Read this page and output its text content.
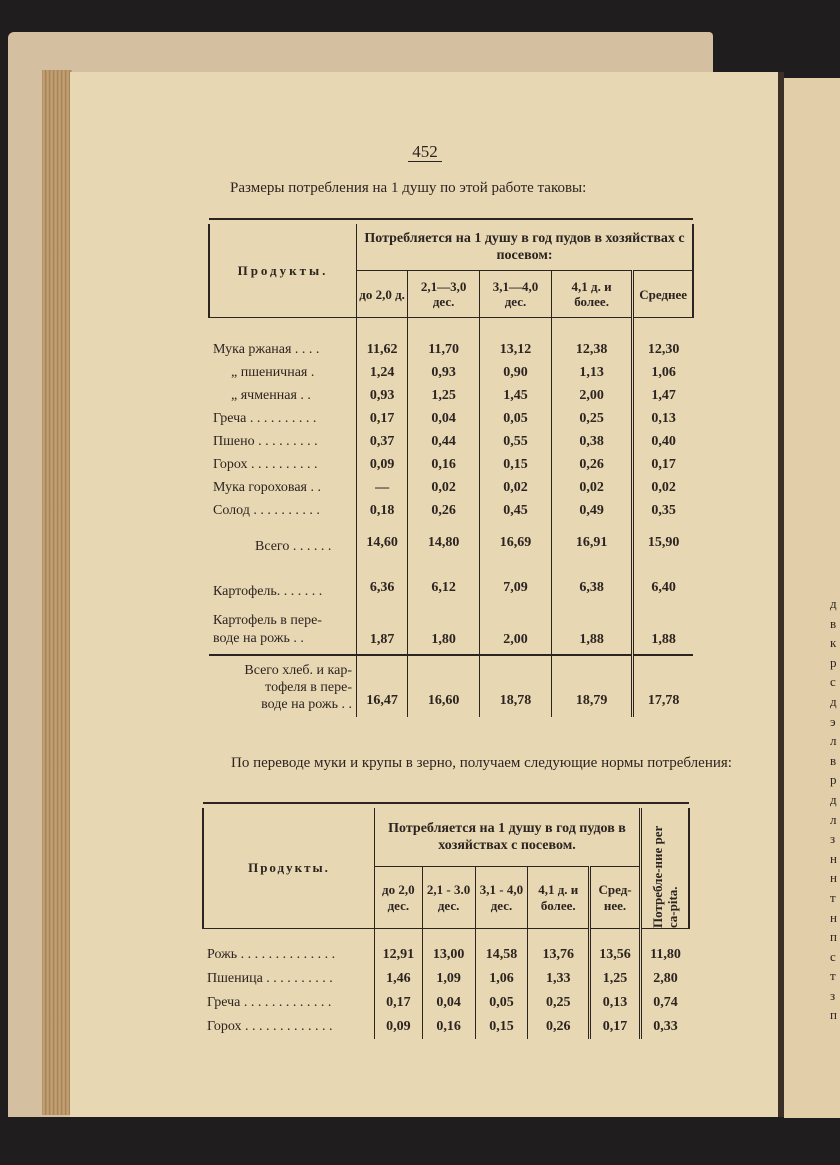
452
Размеры потребления на 1 душу по этой работе таковы:

Продукты.	Потребляется на 1 душу в год пудов в хозяйствах с посевом:				
	до 2,0 д.	2,1—3,0 дес.	3,1—4,0 дес.	4,1 д. и более.	Среднее

Мука ржаная . . . .	11,62	11,70	13,12	12,38	12,30
„ пшеничная .	1,24	0,93	0,90	1,13	1,06
„ ячменная . .	0,93	1,25	1,45	2,00	1,47
Греча . . . . . . . . . .	0,17	0,04	0,05	0,25	0,13
Пшено . . . . . . . . .	0,37	0,44	0,55	0,38	0,40
Горох . . . . . . . . . .	0,09	0,16	0,15	0,26	0,17
Мука гороховая . .	—	0,02	0,02	0,02	0,02
Солод . . . . . . . . . .	0,18	0,26	0,45	0,49	0,35
Всего . . . . . .	14,60	14,80	16,69	16,91	15,90
Картофель. . . . . . .	6,36	6,12	7,09	6,38	6,40

Картофель в пере-
воде на рожь . .	1,87	1,80	2,00	1,88	1,88

Всего хлеб. и кар-
тофеля в пере-
воде на рожь . .	16,47	16,60	18,78	18,79	17,78
По переводе муки и крупы в зерно, получаем следующие нормы потребления:

Продукты.	Потребляется на 1 душу в год пудов в хозяйствах с посевом.					Потребле-ние per ca-pita.

	до 2,0 дес.	2,1 - 3.0 дес.	3,1 - 4,0 дес.	4,1 д. и более.	Сред-нее.	

Рожь . . . . . . . . . . . . . .	12,91	13,00	14,58	13,76	13,56	11,80
Пшеница . . . . . . . . . .	1,46	1,09	1,06	1,33	1,25	2,80
Греча . . . . . . . . . . . . .	0,17	0,04	0,05	0,25	0,13	0,74
Горох . . . . . . . . . . . . .	0,09	0,16	0,15	0,26	0,17	0,33
д
в
к
р
с
д
э
л
в
р
д
л
з
н
н
т
н
п
с
т
з
п
